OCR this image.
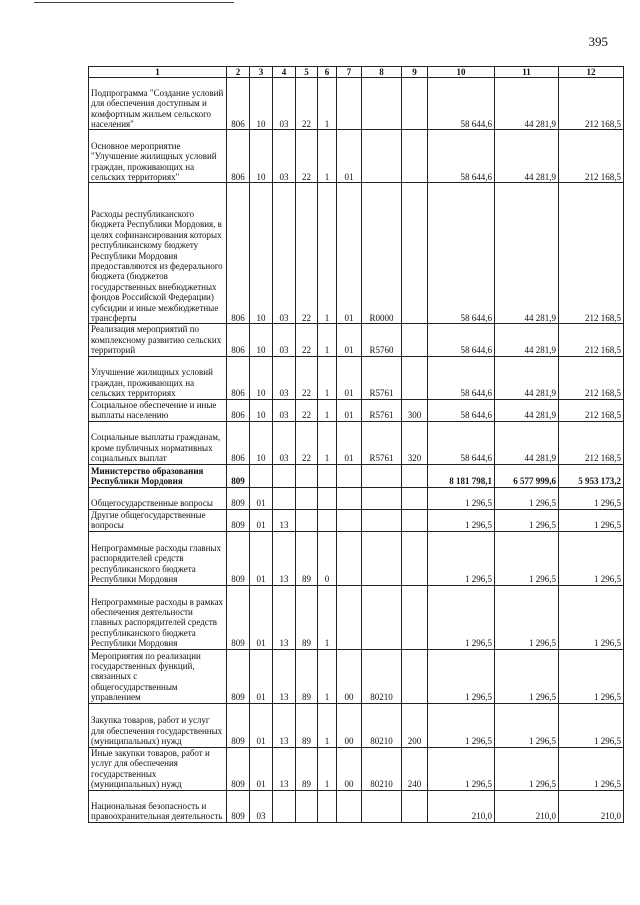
395
1	2	3	4	5	6	7	8	9	10	11	12
Подпрограмма "Создание условий для обеспечения доступным и комфортным жильем сельского населения"	806	10	03	22	1				58 644,6	44 281,9	212 168,5
Основное мероприятие "Улучшение жилищных условий граждан, проживающих на сельских территориях"	806	10	03	22	1	01			58 644,6	44 281,9	212 168,5
Расходы республиканского бюджета Республики Мордовия, в целях софинансирования которых республиканскому бюджету Республики Мордовия предоставляются из федерального бюджета (бюджетов государственных внебюджетных фондов Российской Федерации) субсидии и иные межбюджетные трансферты	806	10	03	22	1	01	R0000		58 644,6	44 281,9	212 168,5
Реализация мероприятий по комплексному развитию сельских территорий	806	10	03	22	1	01	R5760		58 644,6	44 281,9	212 168,5
Улучшение жилищных условий граждан, проживающих на сельских территориях	806	10	03	22	1	01	R5761		58 644,6	44 281,9	212 168,5
Социальное обеспечение и иные выплаты населению	806	10	03	22	1	01	R5761	300	58 644,6	44 281,9	212 168,5
Социальные выплаты гражданам, кроме публичных нормативных социальных выплат	806	10	03	22	1	01	R5761	320	58 644,6	44 281,9	212 168,5
Министерство образования Республики Мордовия	809								8 181 798,1	6 577 999,6	5 953 173,2
Общегосударственные вопросы	809	01							1 296,5	1 296,5	1 296,5
Другие общегосударственные вопросы	809	01	13						1 296,5	1 296,5	1 296,5
Непрограммные расходы главных распорядителей средств республиканского бюджета Республики Мордовия	809	01	13	89	0				1 296,5	1 296,5	1 296,5
Непрограммные расходы в рамках обеспечения деятельности главных распорядителей средств республиканского бюджета Республики Мордовия	809	01	13	89	1				1 296,5	1 296,5	1 296,5
Мероприятия по реализации государственных функций, связанных с общегосударственным управлением	809	01	13	89	1	00	80210		1 296,5	1 296,5	1 296,5
Закупка товаров, работ и услуг для обеспечения государственных (муниципальных) нужд	809	01	13	89	1	00	80210	200	1 296,5	1 296,5	1 296,5
Иные закупки товаров, работ и услуг для обеспечения государственных (муниципальных) нужд	809	01	13	89	1	00	80210	240	1 296,5	1 296,5	1 296,5
Национальная безопасность и правоохранительная деятельность	809	03							210,0	210,0	210,0
